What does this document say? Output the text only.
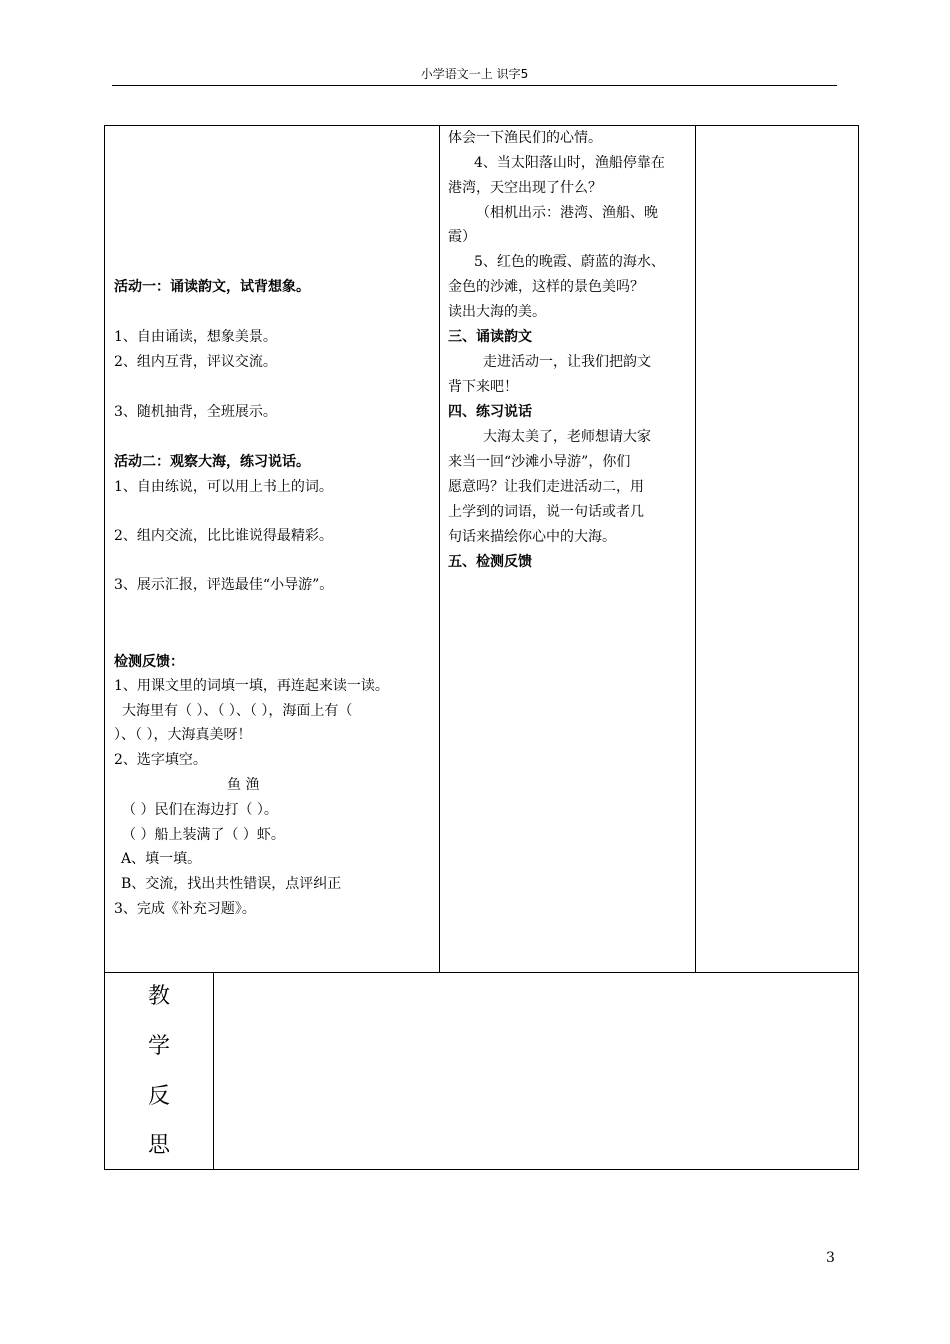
小学语文一上 识字5
活动一：诵读韵文，试背想象。
1、自由诵读，想象美景。
2、组内互背，评议交流。
3、随机抽背，全班展示。
活动二：观察大海，练习说话。
1、自由练说，可以用上书上的词。
2、组内交流，比比谁说得最精彩。
3、展示汇报，评选最佳“小导游”。
检测反馈：
1、用课文里的词填一填，再连起来读一读。
大海里有（ ）、（ ）、（ ），海面上有（
）、（ ），大海真美呀！
2、选字填空。
鱼 渔
（ ）民们在海边打（ ）。
（ ）船上装满了（ ）虾。
A、填一填。
B、交流，找出共性错误，点评纠正
3、完成《补充习题》。
体会一下渔民们的心情。
4、当太阳落山时，渔船停靠在
港湾，天空出现了什么？
（相机出示：港湾、渔船、晚
霞）
5、红色的晚霞、蔚蓝的海水、
金色的沙滩，这样的景色美吗？
读出大海的美。
三、诵读韵文
走进活动一，让我们把韵文
背下来吧！
四、练习说话
大海太美了，老师想请大家
来当一回“沙滩小导游”，你们
愿意吗？让我们走进活动二，用
上学到的词语，说一句话或者几
句话来描绘你心中的大海。
五、检测反馈
教
学
反
思
3
